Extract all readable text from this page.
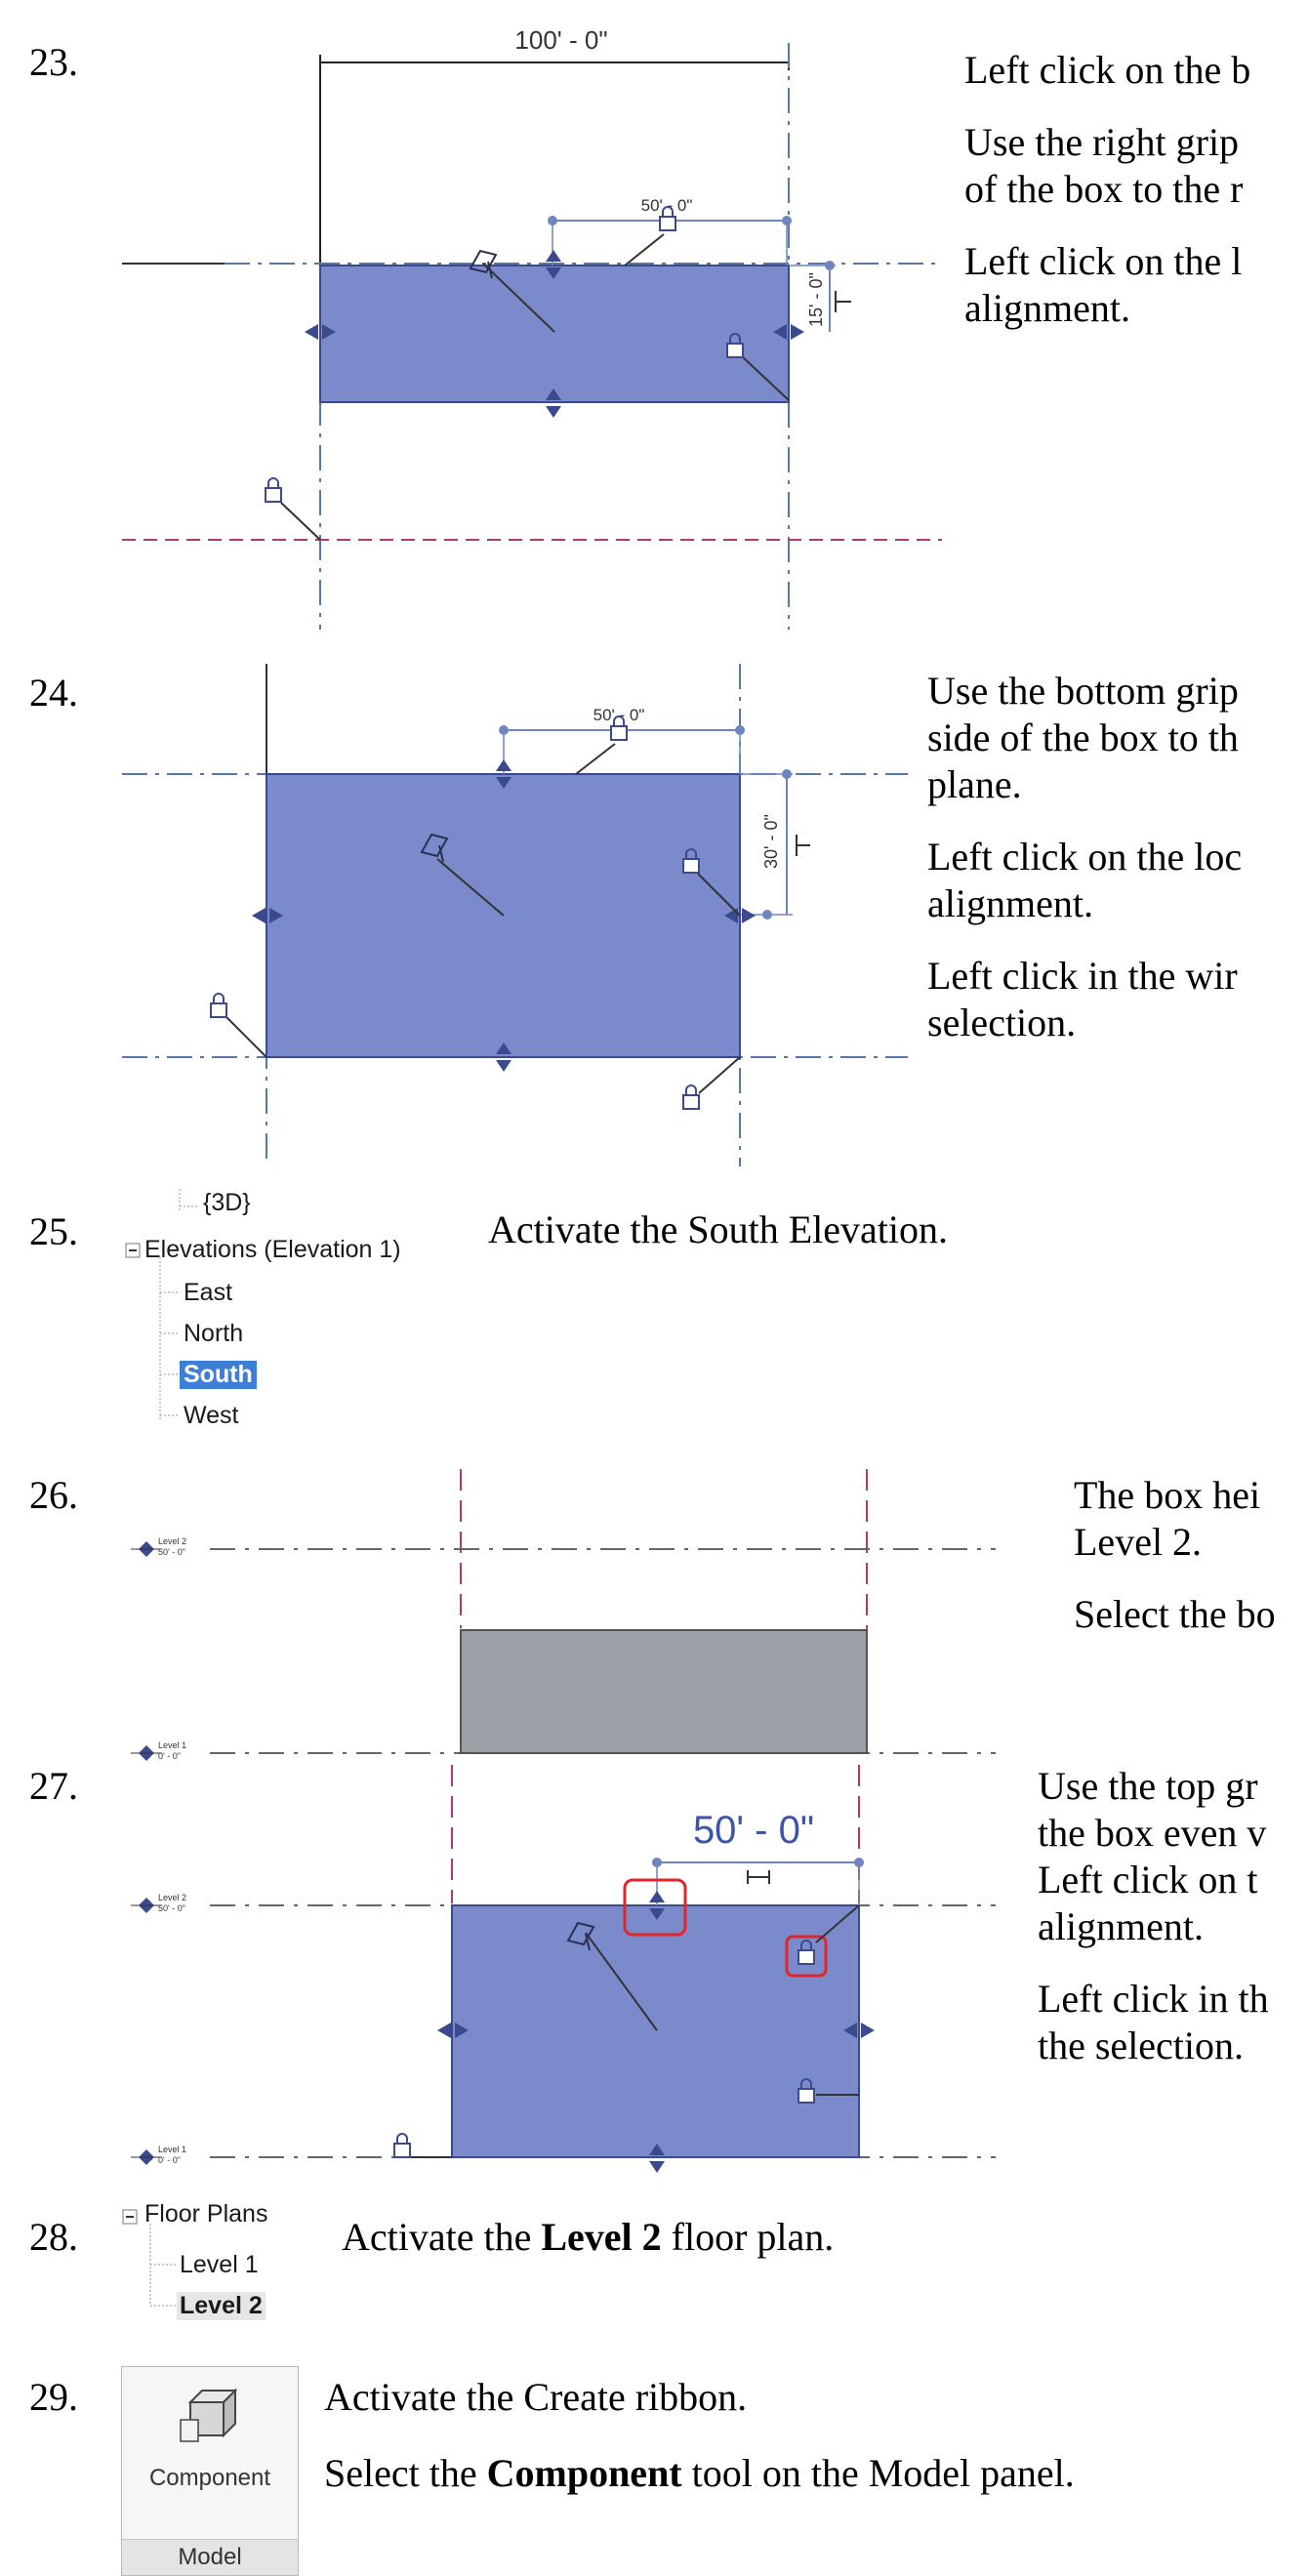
23.	100' - 0"
50' - 0"
15' - 0"

Left click on the b

Use the right grip
of the box to the r

Left click on the l
alignment.

24.
50' - 0"
30' - 0"

Use the bottom grip
side of the box to th
plane.

Left click on the loc
alignment.

Left click in the wir
selection.

25.
{3D}
Elevations (Elevation 1)
East
North
South
West
Activate the South Elevation.
26.
Level 2
50' - 0"
Level 1
0' - 0"

The box hei
Level 2.

Select the bo

27.
50' - 0"
Level 2
50' - 0"
Level 1
0' - 0"

Use the top gr
the box even v
Left click on t
alignment.

Left click in th
the selection.

28.
Floor Plans
Level 1
Level 2
Activate the Level 2 floor plan.
29.
Component
Model

Activate the Create ribbon.

Select the Component tool on the Model panel.
